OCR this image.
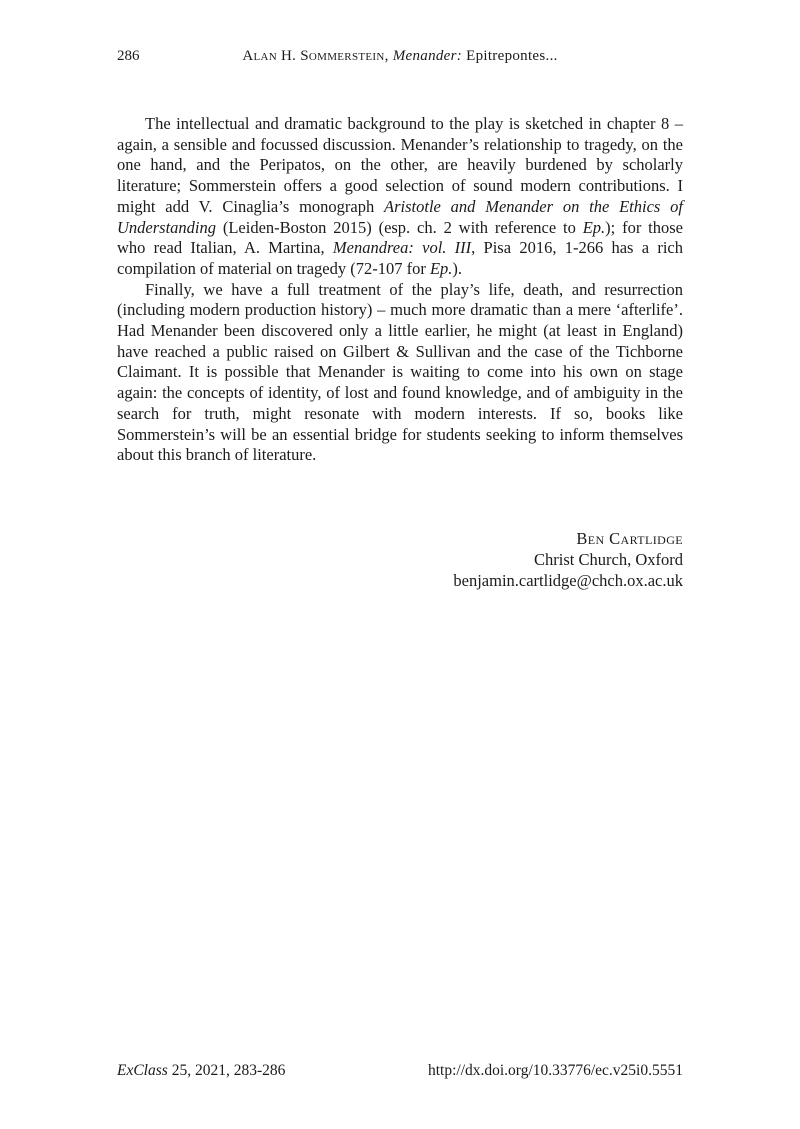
286	Alan H. Sommerstein, Menander: Epitrepontes...

The intellectual and dramatic background to the play is sketched in chapter 8 – again, a sensible and focussed discussion. Menander’s relationship to tragedy, on the one hand, and the Peripatos, on the other, are heavily burdened by scholarly literature; Sommerstein offers a good selection of sound modern contributions. I might add V. Cinaglia’s monograph Aristotle and Menander on the Ethics of Understanding (Leiden-Boston 2015) (esp. ch. 2 with reference to Ep.); for those who read Italian, A. Martina, Menandrea: vol. III, Pisa 2016, 1-266 has a rich compilation of material on tragedy (72-107 for Ep.).

Finally, we have a full treatment of the play’s life, death, and resurrection (including modern production history) – much more dramatic than a mere ‘afterlife’. Had Menander been discovered only a little earlier, he might (at least in England) have reached a public raised on Gilbert & Sullivan and the case of the Tichborne Claimant. It is possible that Menander is waiting to come into his own on stage again: the concepts of identity, of lost and found knowledge, and of ambiguity in the search for truth, might resonate with modern interests. If so, books like Sommerstein’s will be an essential bridge for students seeking to inform themselves about this branch of literature.

Ben Cartlidge
Christ Church, Oxford
benjamin.cartlidge@chch.ox.ac.uk
ExClass 25, 2021, 283-286	http://dx.doi.org/10.33776/ec.v25i0.5551
